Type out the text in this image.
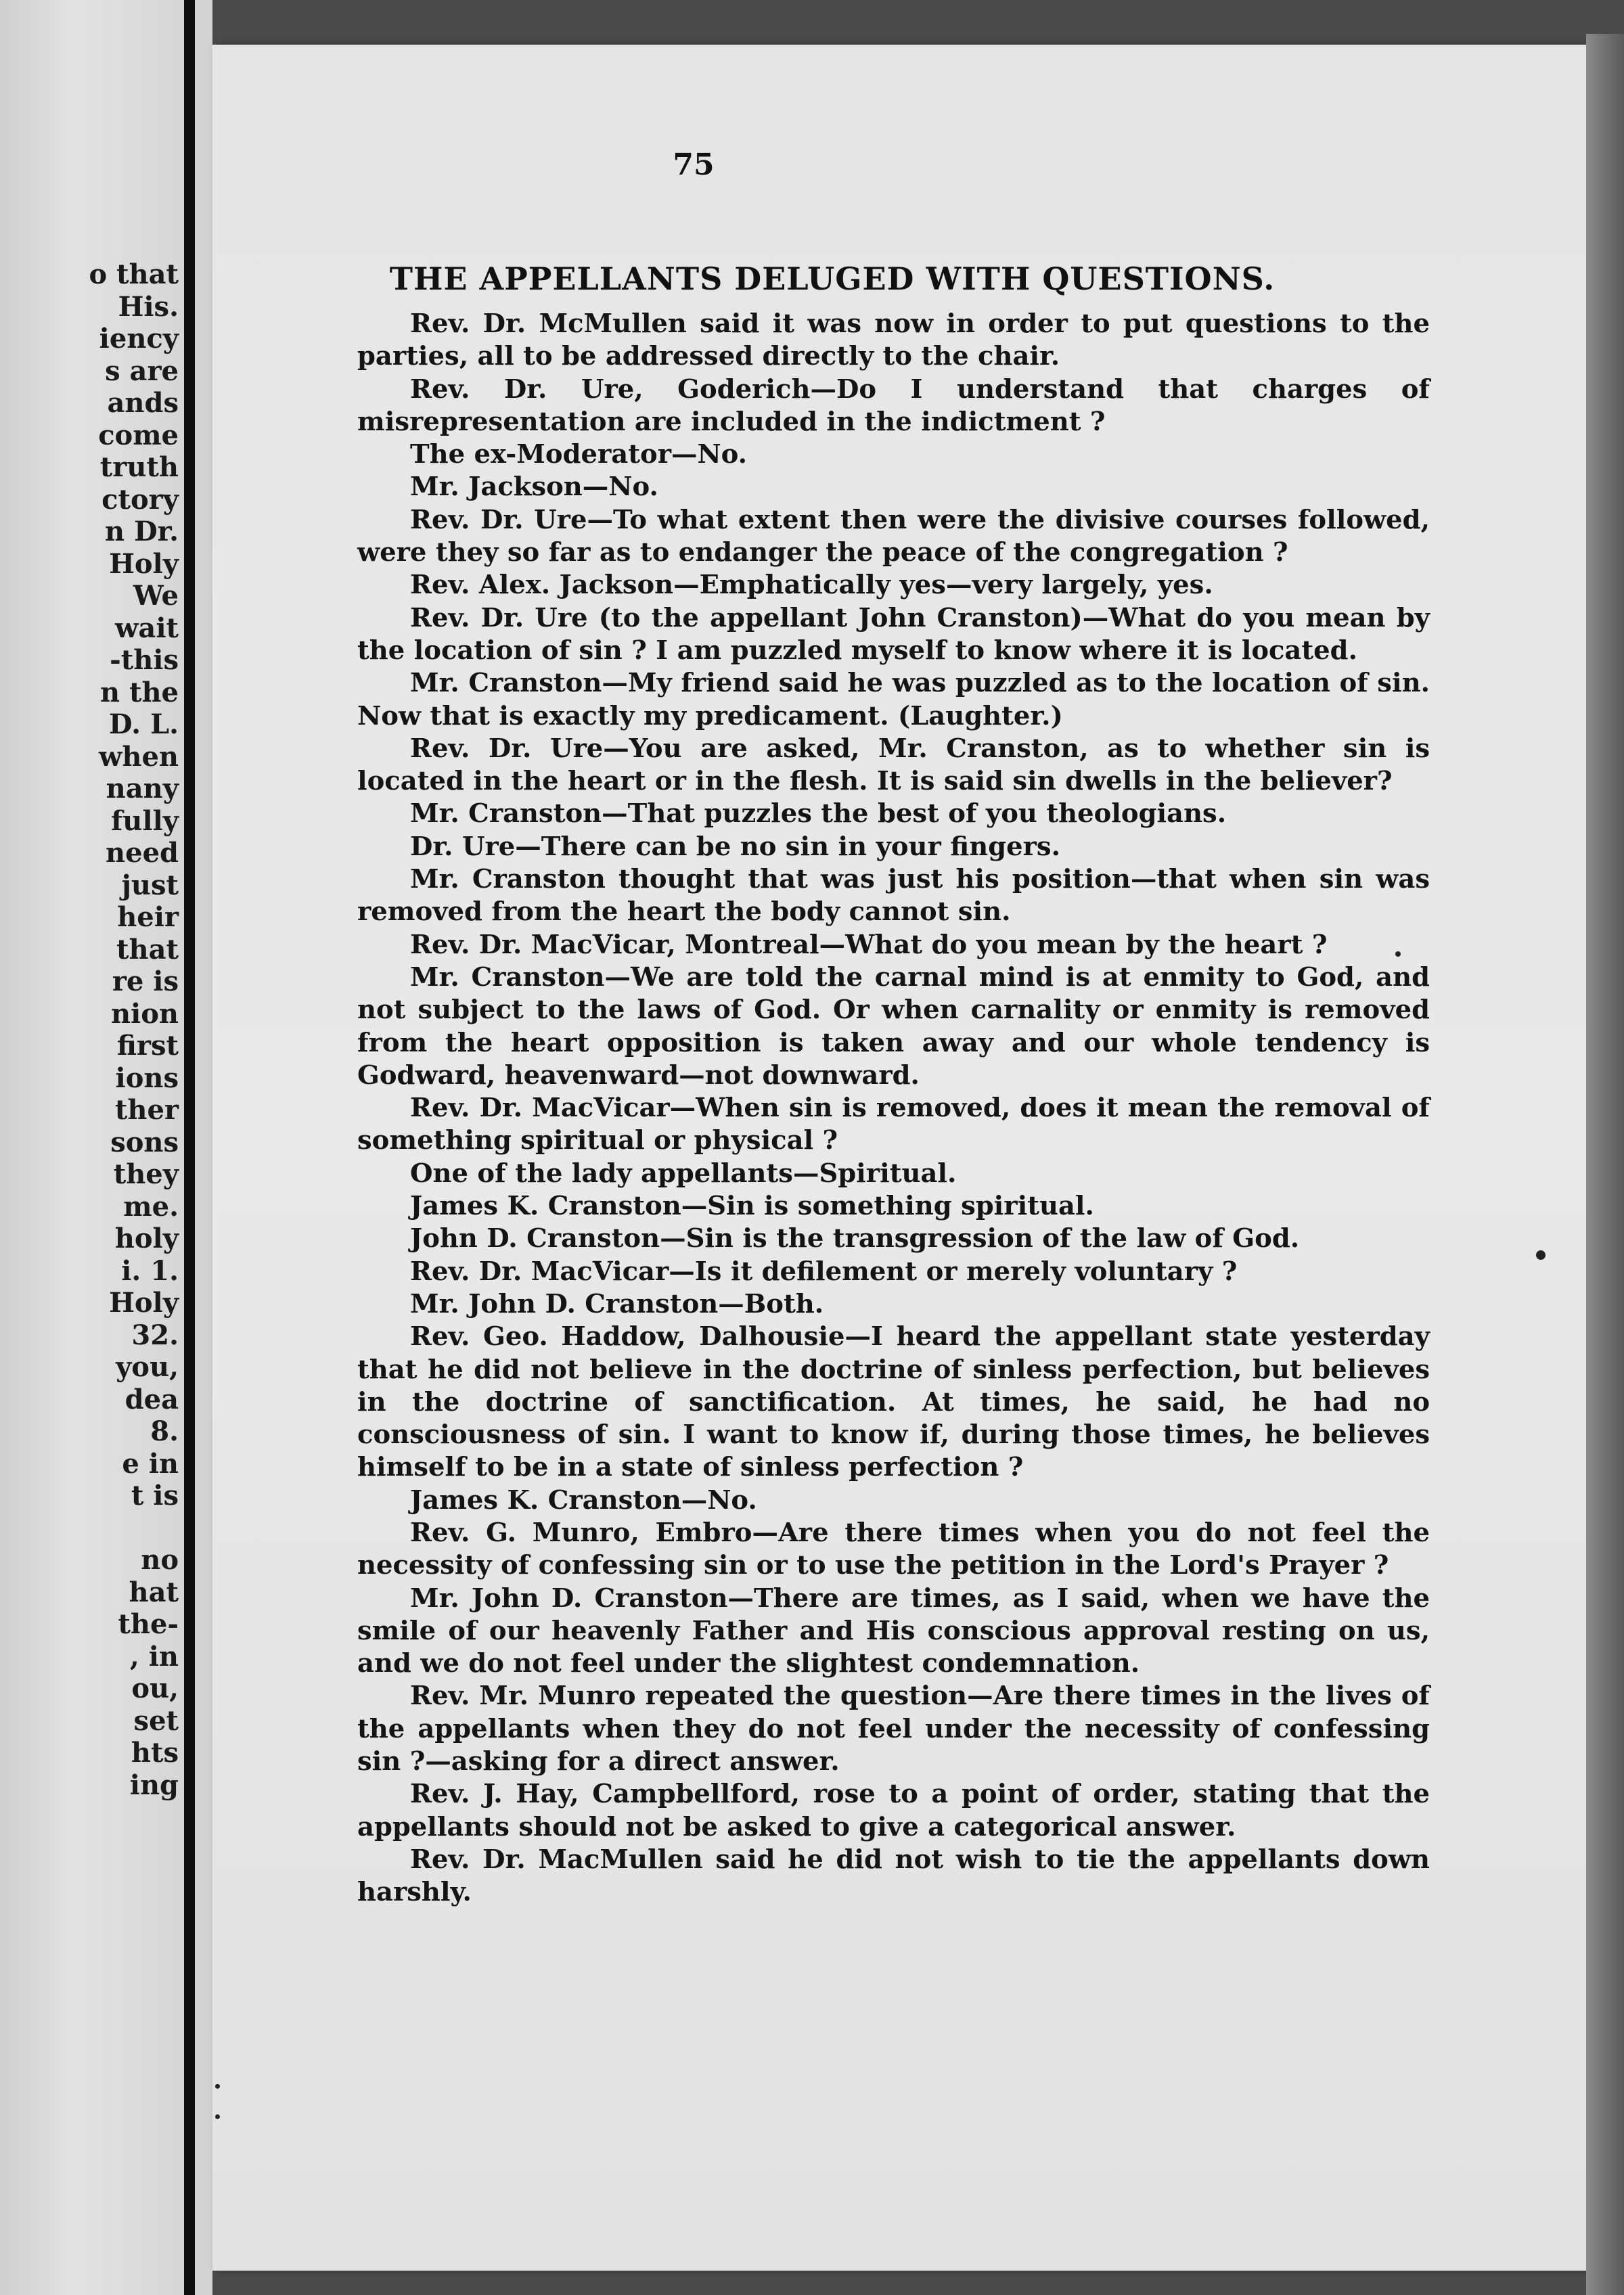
o that
His.
iency
s are
ands
come
truth
ctory
n Dr.
Holy
We
wait
-this
n the
D. L.
when
nany
fully
need
just
heir
that
re is
nion
first
ions
ther
sons
they
me.
holy
i. 1.
Holy
32.
you,
dea
8.
e in
t is
no
hat
the-
, in
ou,
set
hts
ing
75
THE APPELLANTS DELUGED WITH QUESTIONS.

Rev. Dr. McMullen said it was now in order to put questions to the parties, all to be addressed directly to the chair.

Rev. Dr. Ure, Goderich—Do I understand that charges of misrepresentation are included in the indictment ?

The ex-Moderator—No.

Mr. Jackson—No.

Rev. Dr. Ure—To what extent then were the divisive courses followed, were they so far as to endanger the peace of the congregation ?

Rev. Alex. Jackson—Emphatically yes—very largely, yes.

Rev. Dr. Ure (to the appellant John Cranston)—What do you mean by the location of sin ? I am puzzled myself to know where it is located.

Mr. Cranston—My friend said he was puzzled as to the location of sin. Now that is exactly my predicament. (Laughter.)

Rev. Dr. Ure—You are asked, Mr. Cranston, as to whether sin is located in the heart or in the flesh. It is said sin dwells in the believer?

Mr. Cranston—That puzzles the best of you theologians.

Dr. Ure—There can be no sin in your fingers.

Mr. Cranston thought that was just his position—that when sin was removed from the heart the body cannot sin.

Rev. Dr. MacVicar, Montreal—What do you mean by the heart ?

Mr. Cranston—We are told the carnal mind is at enmity to God, and not subject to the laws of God. Or when carnality or enmity is removed from the heart opposition is taken away and our whole tendency is Godward, heavenward—not downward.

Rev. Dr. MacVicar—When sin is removed, does it mean the removal of something spiritual or physical ?

One of the lady appellants—Spiritual.

James K. Cranston—Sin is something spiritual.

John D. Cranston—Sin is the transgression of the law of God.

Rev. Dr. MacVicar—Is it defilement or merely voluntary ?

Mr. John D. Cranston—Both.

Rev. Geo. Haddow, Dalhousie—I heard the appellant state yesterday that he did not believe in the doctrine of sinless perfection, but believes in the doctrine of sanctification. At times, he said, he had no consciousness of sin. I want to know if, during those times, he believes himself to be in a state of sinless perfection ?

James K. Cranston—No.

Rev. G. Munro, Embro—Are there times when you do not feel the necessity of confessing sin or to use the petition in the Lord's Prayer ?

Mr. John D. Cranston—There are times, as I said, when we have the smile of our heavenly Father and His conscious approval resting on us, and we do not feel under the slightest condemnation.

Rev. Mr. Munro repeated the question—Are there times in the lives of the appellants when they do not feel under the necessity of confessing sin ?—asking for a direct answer.

Rev. J. Hay, Campbellford, rose to a point of order, stating that the appellants should not be asked to give a categorical answer.

Rev. Dr. MacMullen said he did not wish to tie the appellants down harshly.
